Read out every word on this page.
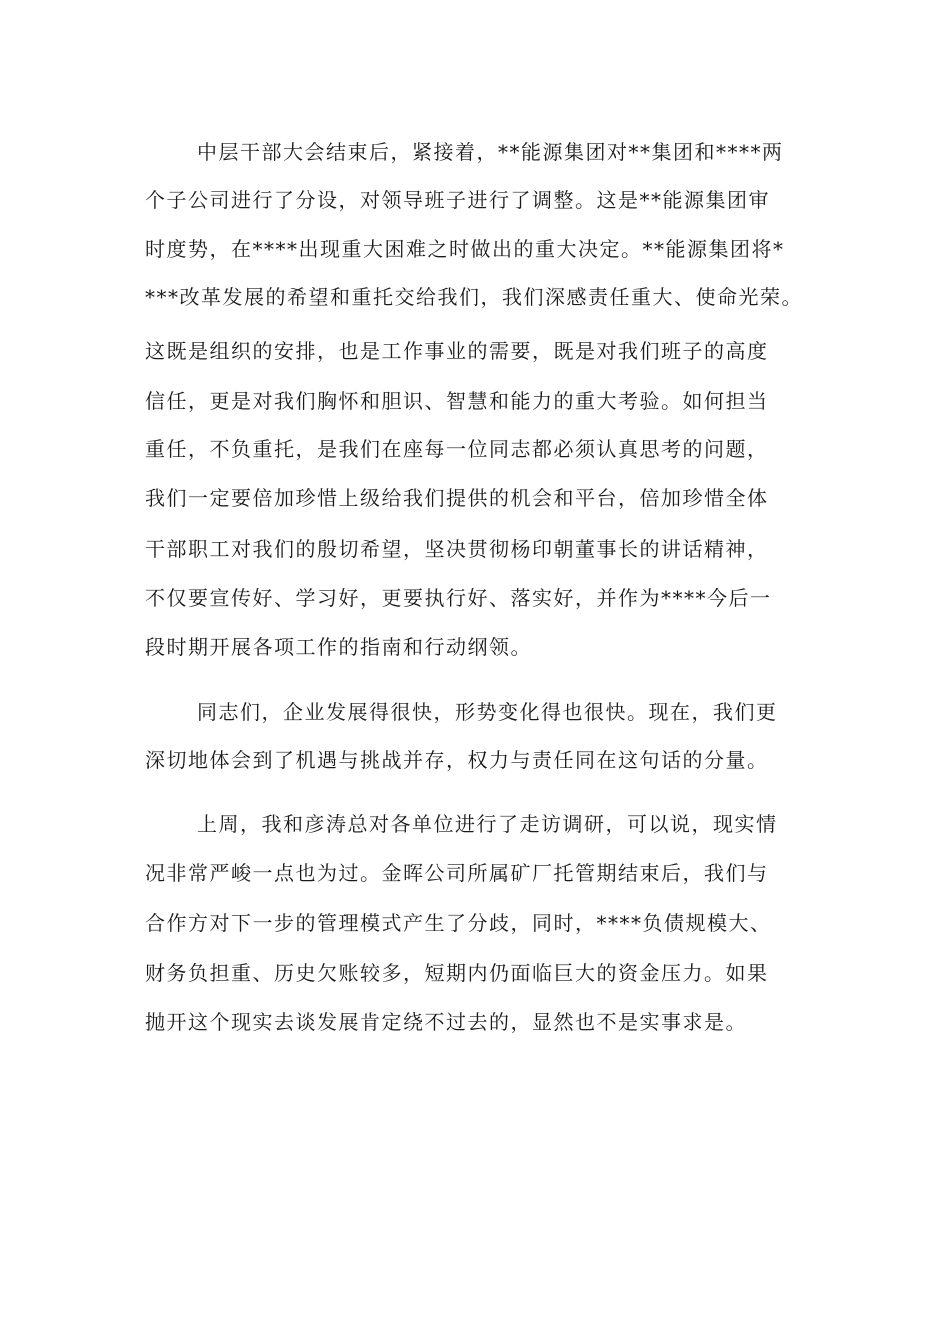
中层干部大会结束后，紧接着，**能源集团对**集团和****两
个子公司进行了分设，对领导班子进行了调整。这是**能源集团审
时度势，在****出现重大困难之时做出的重大决定。**能源集团将*
***改革发展的希望和重托交给我们，我们深感责任重大、使命光荣。
这既是组织的安排，也是工作事业的需要，既是对我们班子的高度
信任，更是对我们胸怀和胆识、智慧和能力的重大考验。如何担当
重任，不负重托，是我们在座每一位同志都必须认真思考的问题，
我们一定要倍加珍惜上级给我们提供的机会和平台，倍加珍惜全体
干部职工对我们的殷切希望，坚决贯彻杨印朝董事长的讲话精神，
不仅要宣传好、学习好，更要执行好、落实好，并作为****今后一
段时期开展各项工作的指南和行动纲领。
同志们，企业发展得很快，形势变化得也很快。现在，我们更
深切地体会到了机遇与挑战并存，权力与责任同在这句话的分量。
上周，我和彦涛总对各单位进行了走访调研，可以说，现实情
况非常严峻一点也为过。金晖公司所属矿厂托管期结束后，我们与
合作方对下一步的管理模式产生了分歧，同时，****负债规模大、
财务负担重、历史欠账较多，短期内仍面临巨大的资金压力。如果
抛开这个现实去谈发展肯定绕不过去的，显然也不是实事求是。
